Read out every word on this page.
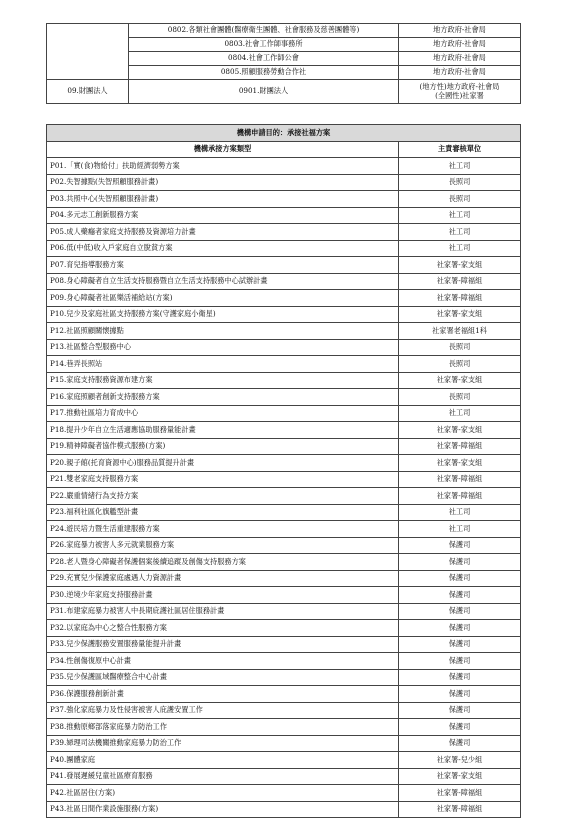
	0802.各類社會團體(醫療衛生團體、社會服務及慈善團體等)	地方政府-社會局
	0803.社會工作師事務所	地方政府-社會局
	0804.社會工作師公會	地方政府-社會局
	0805.照顧服務勞動合作社	地方政府-社會局
09.財團法人	0901.財團法人	(地方性)地方政府-社會局
(全國性)社家署
機構申請目的：承接社福方案	
機構承接方案類型	主責審核單位
P01.「實(食)物給付」扶助經濟弱勢方案	社工司
P02.失智據點(失智照顧服務計畫)	長照司
P03.共照中心(失智照顧服務計畫)	長照司
P04.多元志工創新服務方案	社工司
P05.成人藥癮者家庭支持服務及資源培力計畫	社工司
P06.低(中低)收入戶家庭自立脫貧方案	社工司
P07.育兒指導服務方案	社家署-家支組
P08.身心障礙者自立生活支持服務暨自立生活支持服務中心試辦計畫	社家署-障福組
P09.身心障礙者社區樂活補給站(方案)	社家署-障福組
P10.兒少及家庭社區支持服務方案(守護家庭小衛星)	社家署-家支組
P12.社區照顧關懷據點	社家署老福組1科
P13.社區整合型服務中心	長照司
P14.巷弄長照站	長照司
P15.家庭支持服務資源布建方案	社家署-家支組
P16.家庭照顧者創新支持服務方案	長照司
P17.推動社區培力育成中心	社工司
P18.提升少年自立生活適應協助服務量能計畫	社家署-家支組
P19.精神障礙者協作模式服務(方案)	社家署-障福組
P20.親子館(托育資源中心)服務品質提升計畫	社家署-家支組
P21.雙老家庭支持服務方案	社家署-障福組
P22.嚴重情緒行為支持方案	社家署-障福組
P23.福利社區化旗艦型計畫	社工司
P24.遊民培力暨生活重建服務方案	社工司
P26.家庭暴力被害人多元就業服務方案	保護司
P28.老人暨身心障礙者保護個案後續追蹤及創傷支持服務方案	保護司
P29.充實兒少保護家庭處遇人力資源計畫	保護司
P30.逆境少年家庭支持服務計畫	保護司
P31.布建家庭暴力被害人中長期庇護社區居住服務計畫	保護司
P32.以家庭為中心之整合性服務方案	保護司
P33.兒少保護服務安置服務量能提升計畫	保護司
P34.性創傷復原中心計畫	保護司
P35.兒少保護區域醫療整合中心計畫	保護司
P36.保護服務創新計畫	保護司
P37.強化家庭暴力及性侵害被害人庇護安置工作	保護司
P38.推動原鄉部落家庭暴力防治工作	保護司
P39.婦理司法機關推動家庭暴力防治工作	保護司
P40.團體家庭	社家署-兒少組
P41.發展遲緩兒童社區療育服務	社家署-家支組
P42.社區居住(方案)	社家署-障福組
P43.社區日間作業設施服務(方案)	社家署-障福組
